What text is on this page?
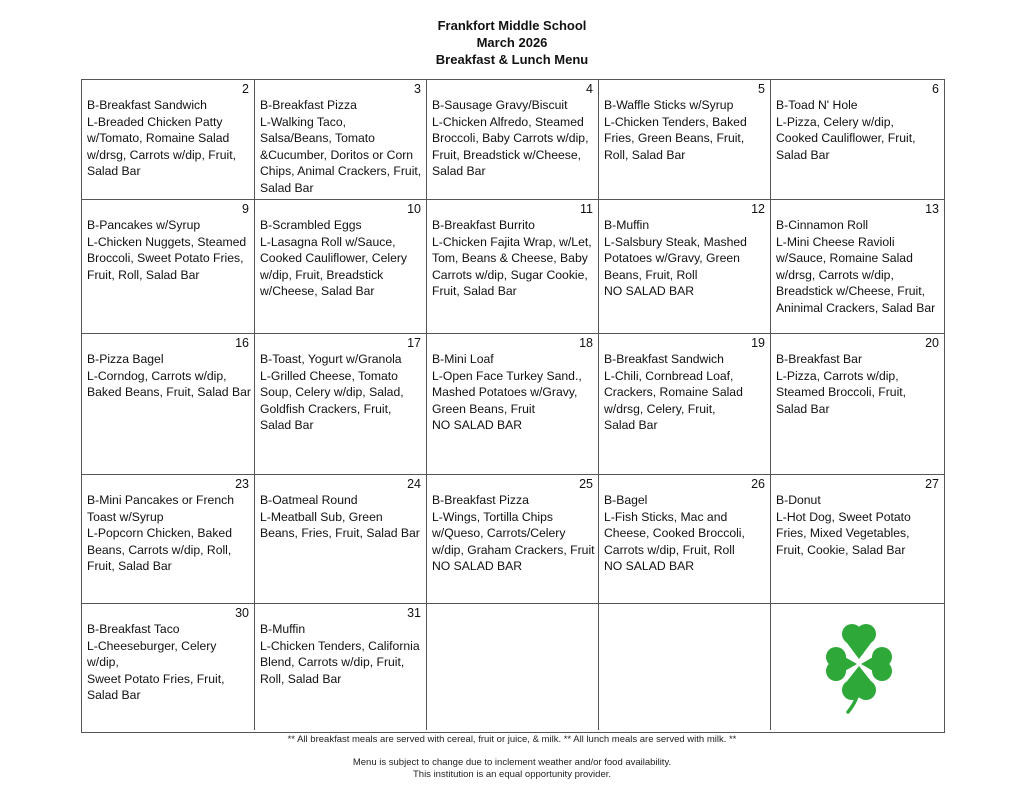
Frankfort Middle School
March 2026
Breakfast & Lunch Menu
2
B-Breakfast Sandwich
L-Breaded Chicken Patty
w/Tomato, Romaine Salad
w/drsg, Carrots w/dip, Fruit,
Salad Bar
3
B-Breakfast Pizza
L-Walking Taco,
Salsa/Beans, Tomato
&Cucumber, Doritos or Corn
Chips, Animal Crackers, Fruit,
Salad Bar
4
B-Sausage Gravy/Biscuit
L-Chicken Alfredo, Steamed
Broccoli, Baby Carrots w/dip,
Fruit, Breadstick w/Cheese,
Salad Bar
5
B-Waffle Sticks w/Syrup
L-Chicken Tenders, Baked
Fries, Green Beans, Fruit,
Roll, Salad Bar
6
B-Toad N' Hole
L-Pizza, Celery w/dip,
Cooked Cauliflower, Fruit,
Salad Bar
9
B-Pancakes w/Syrup
L-Chicken Nuggets, Steamed
Broccoli, Sweet Potato Fries,
Fruit, Roll, Salad Bar
10
B-Scrambled Eggs
L-Lasagna Roll w/Sauce,
Cooked Cauliflower, Celery
w/dip, Fruit, Breadstick
w/Cheese, Salad Bar
11
B-Breakfast Burrito
L-Chicken Fajita Wrap, w/Let,
Tom, Beans & Cheese, Baby
Carrots w/dip, Sugar Cookie,
Fruit, Salad Bar
12
B-Muffin
L-Salsbury Steak, Mashed
Potatoes w/Gravy, Green
Beans, Fruit, Roll
NO SALAD BAR
13
B-Cinnamon Roll
L-Mini Cheese Ravioli
w/Sauce, Romaine Salad
w/drsg, Carrots w/dip,
Breadstick w/Cheese, Fruit,
Aninimal Crackers, Salad Bar
16
B-Pizza Bagel
L-Corndog, Carrots w/dip,
Baked Beans, Fruit, Salad Bar
17
B-Toast, Yogurt w/Granola
L-Grilled Cheese, Tomato
Soup, Celery w/dip, Salad,
Goldfish Crackers, Fruit,
Salad Bar
18
B-Mini Loaf
L-Open Face Turkey Sand.,
Mashed Potatoes w/Gravy,
Green Beans, Fruit
NO SALAD BAR
19
B-Breakfast Sandwich
L-Chili, Cornbread Loaf,
Crackers, Romaine Salad
w/drsg, Celery, Fruit,
Salad Bar
20
B-Breakfast Bar
L-Pizza, Carrots w/dip,
Steamed Broccoli, Fruit,
Salad Bar
23
B-Mini Pancakes or French
Toast w/Syrup
L-Popcorn Chicken, Baked
Beans, Carrots w/dip, Roll,
Fruit, Salad Bar
24
B-Oatmeal Round
L-Meatball Sub, Green
Beans, Fries, Fruit, Salad Bar
25
B-Breakfast Pizza
L-Wings, Tortilla Chips
w/Queso, Carrots/Celery
w/dip, Graham Crackers, Fruit
NO SALAD BAR
26
B-Bagel
L-Fish Sticks, Mac and
Cheese, Cooked Broccoli,
Carrots w/dip, Fruit, Roll
NO SALAD BAR
27
B-Donut
L-Hot Dog, Sweet Potato
Fries, Mixed Vegetables,
Fruit, Cookie, Salad Bar
30
B-Breakfast Taco
L-Cheeseburger, Celery w/dip,
Sweet Potato Fries, Fruit,
Salad Bar
31
B-Muffin
L-Chicken Tenders, California
Blend, Carrots w/dip, Fruit,
Roll, Salad Bar
** All breakfast meals are served with cereal, fruit or juice, & milk. ** All lunch meals are served with milk. **
Menu is subject to change due to inclement weather and/or food availability.
This institution is an equal opportunity provider.
